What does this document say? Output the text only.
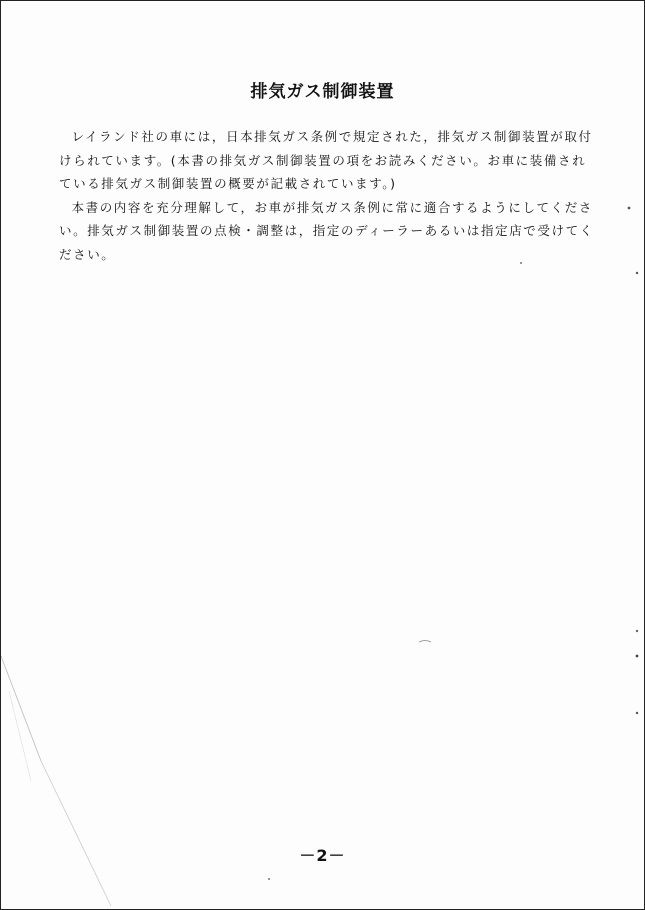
排気ガス制御装置

レイランド社の車には，日本排気ガス条例で規定された，排気ガス制御装置が取付けられています。(本書の排気ガス制御装置の項をお読みください。お車に装備されている排気ガス制御装置の概要が記載されています。)

本書の内容を充分理解して，お車が排気ガス条例に常に適合するようにしてください。排気ガス制御装置の点検・調整は，指定のディーラーあるいは指定店で受けてください。

－2－
